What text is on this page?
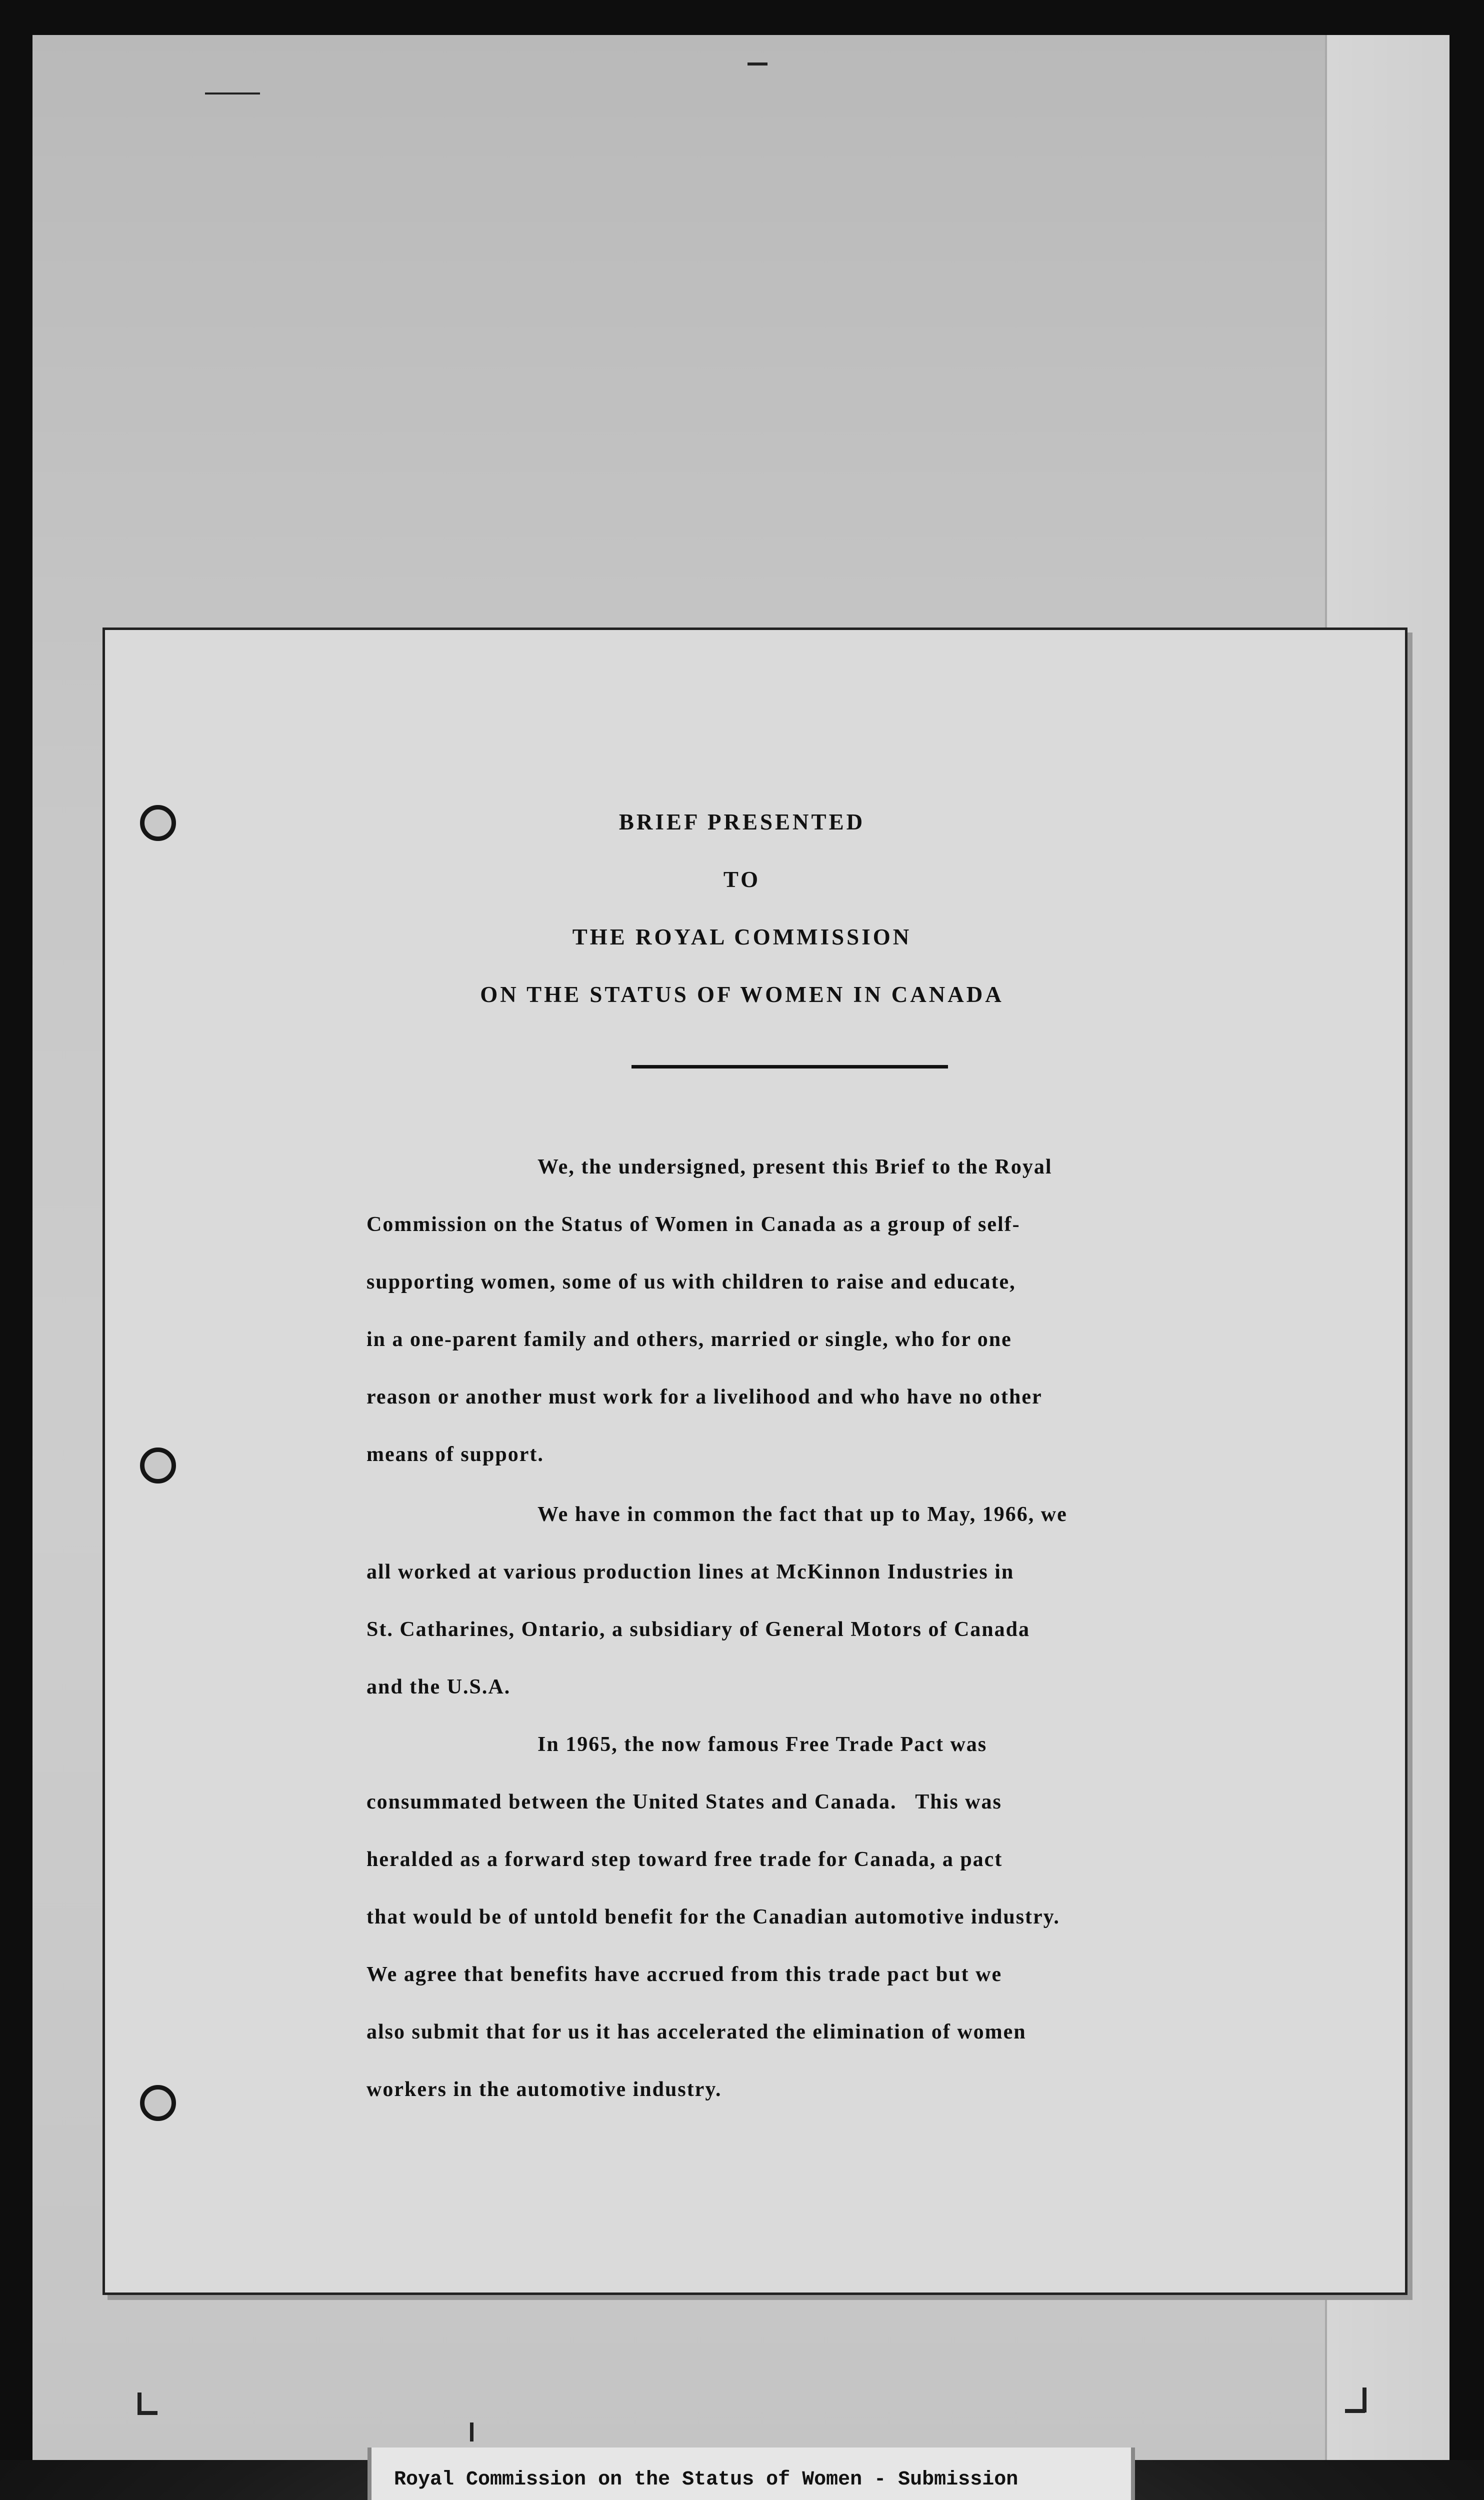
BRIEF PRESENTED

TO

THE ROYAL COMMISSION

ON THE STATUS OF WOMEN IN CANADA

We, the undersigned, present this Brief to the Royal

Commission on the Status of Women in Canada as a group of self-

supporting women, some of us with children to raise and educate,

in a one-parent family and others, married or single, who for one

reason or another must work for a livelihood and who have no other

means of support.

We have in common the fact that up to May, 1966, we

all worked at various production lines at McKinnon Industries in

St. Catharines, Ontario, a subsidiary of General Motors of Canada

and the U.S.A.

In 1965, the now famous Free Trade Pact was

consummated between the United States and Canada.   This was

heralded as a forward step toward free trade for Canada, a pact

that would be of untold benefit for the Canadian automotive industry.

We agree that benefits have accrued from this trade pact but we

also submit that for us it has accelerated the elimination of women

workers in the automotive industry.

Royal Commission on the Status of Women - Submission
